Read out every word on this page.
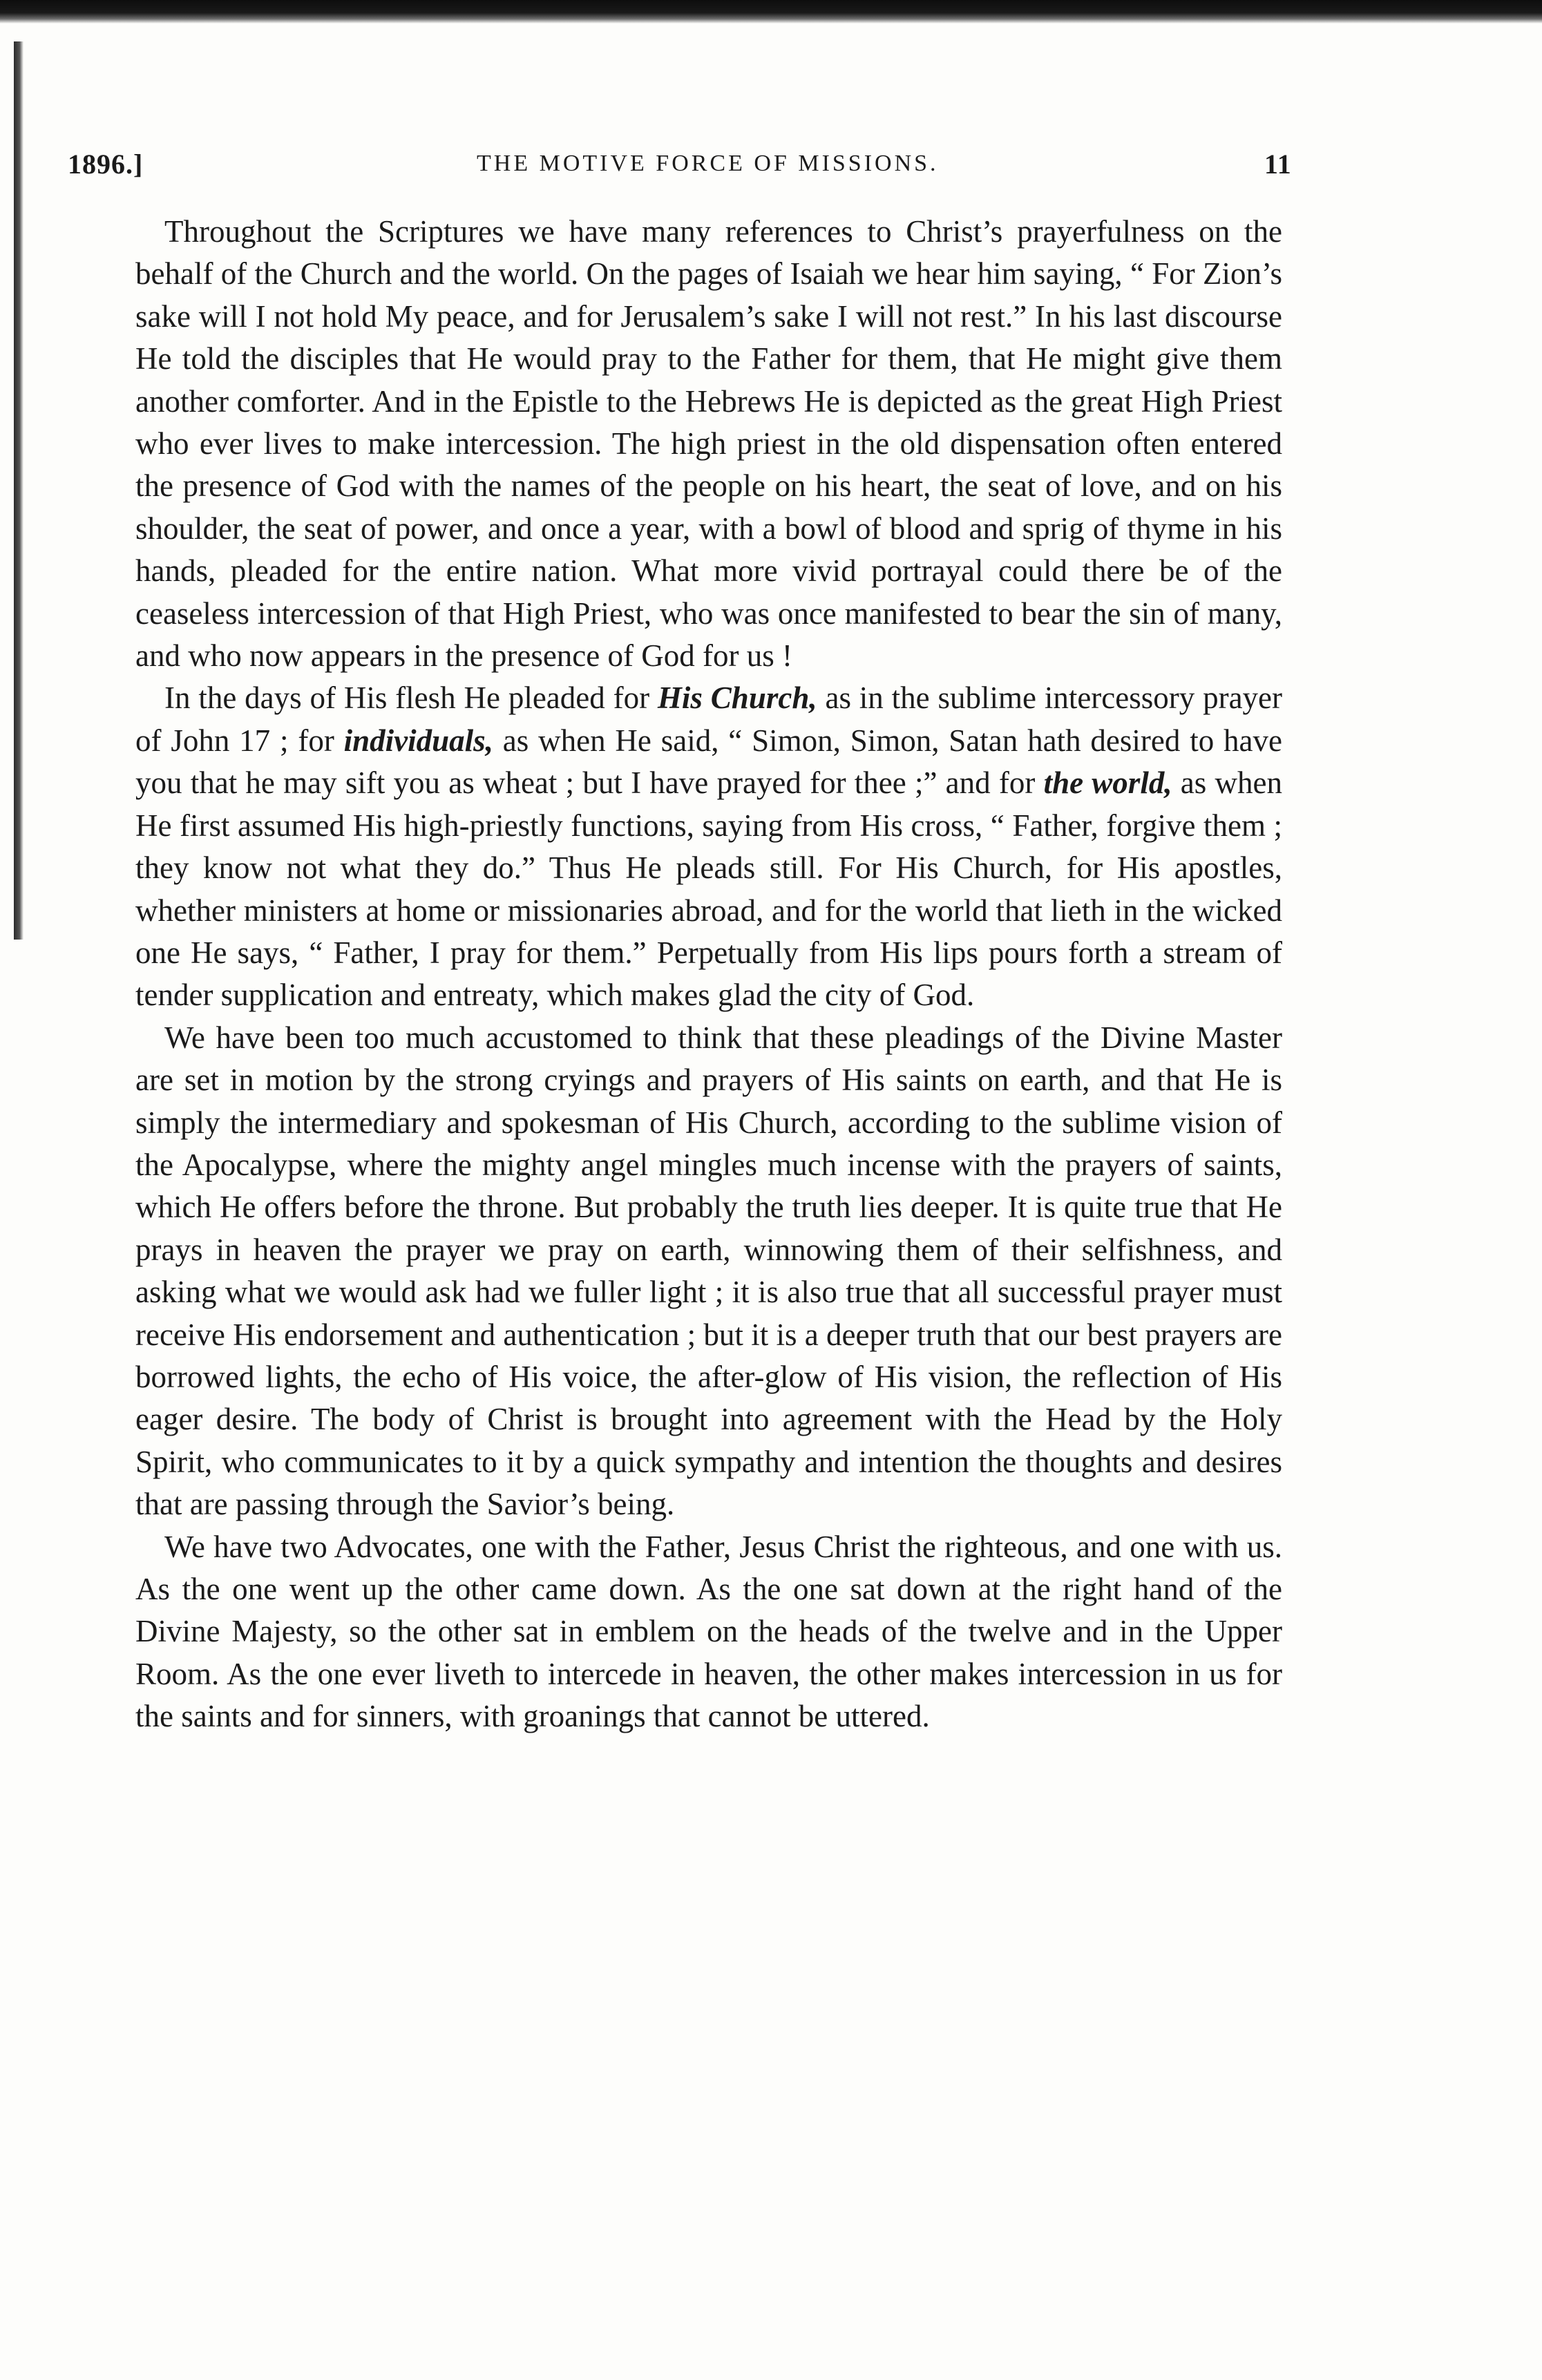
1896.]	THE MOTIVE FORCE OF MISSIONS.	11

Throughout the Scriptures we have many references to Christ’s prayerfulness on the behalf of the Church and the world. On the pages of Isaiah we hear him saying, “ For Zion’s sake will I not hold My peace, and for Jerusalem’s sake I will not rest.” In his last discourse He told the disciples that He would pray to the Father for them, that He might give them another comforter. And in the Epistle to the Hebrews He is depicted as the great High Priest who ever lives to make intercession. The high priest in the old dispensation often entered the presence of God with the names of the people on his heart, the seat of love, and on his shoulder, the seat of power, and once a year, with a bowl of blood and sprig of thyme in his hands, pleaded for the entire nation. What more vivid portrayal could there be of the ceaseless intercession of that High Priest, who was once manifested to bear the sin of many, and who now appears in the presence of God for us !

In the days of His flesh He pleaded for His Church, as in the sublime intercessory prayer of John 17 ; for individuals, as when He said, “ Simon, Simon, Satan hath desired to have you that he may sift you as wheat ; but I have prayed for thee ;” and for the world, as when He first assumed His high-priestly functions, saying from His cross, “ Father, forgive them ; they know not what they do.” Thus He pleads still. For His Church, for His apostles, whether ministers at home or missionaries abroad, and for the world that lieth in the wicked one He says, “ Father, I pray for them.” Perpetually from His lips pours forth a stream of tender supplication and entreaty, which makes glad the city of God.

We have been too much accustomed to think that these pleadings of the Divine Master are set in motion by the strong cryings and prayers of His saints on earth, and that He is simply the intermediary and spokesman of His Church, according to the sublime vision of the Apocalypse, where the mighty angel mingles much incense with the prayers of saints, which He offers before the throne. But probably the truth lies deeper. It is quite true that He prays in heaven the prayer we pray on earth, winnowing them of their selfishness, and asking what we would ask had we fuller light ; it is also true that all successful prayer must receive His endorsement and authentication ; but it is a deeper truth that our best prayers are borrowed lights, the echo of His voice, the after-glow of His vision, the reflection of His eager desire. The body of Christ is brought into agreement with the Head by the Holy Spirit, who communicates to it by a quick sympathy and intention the thoughts and desires that are passing through the Savior’s being.

We have two Advocates, one with the Father, Jesus Christ the righteous, and one with us. As the one went up the other came down. As the one sat down at the right hand of the Divine Majesty, so the other sat in emblem on the heads of the twelve and in the Upper Room. As the one ever liveth to intercede in heaven, the other makes intercession in us for the saints and for sinners, with groanings that cannot be uttered.
